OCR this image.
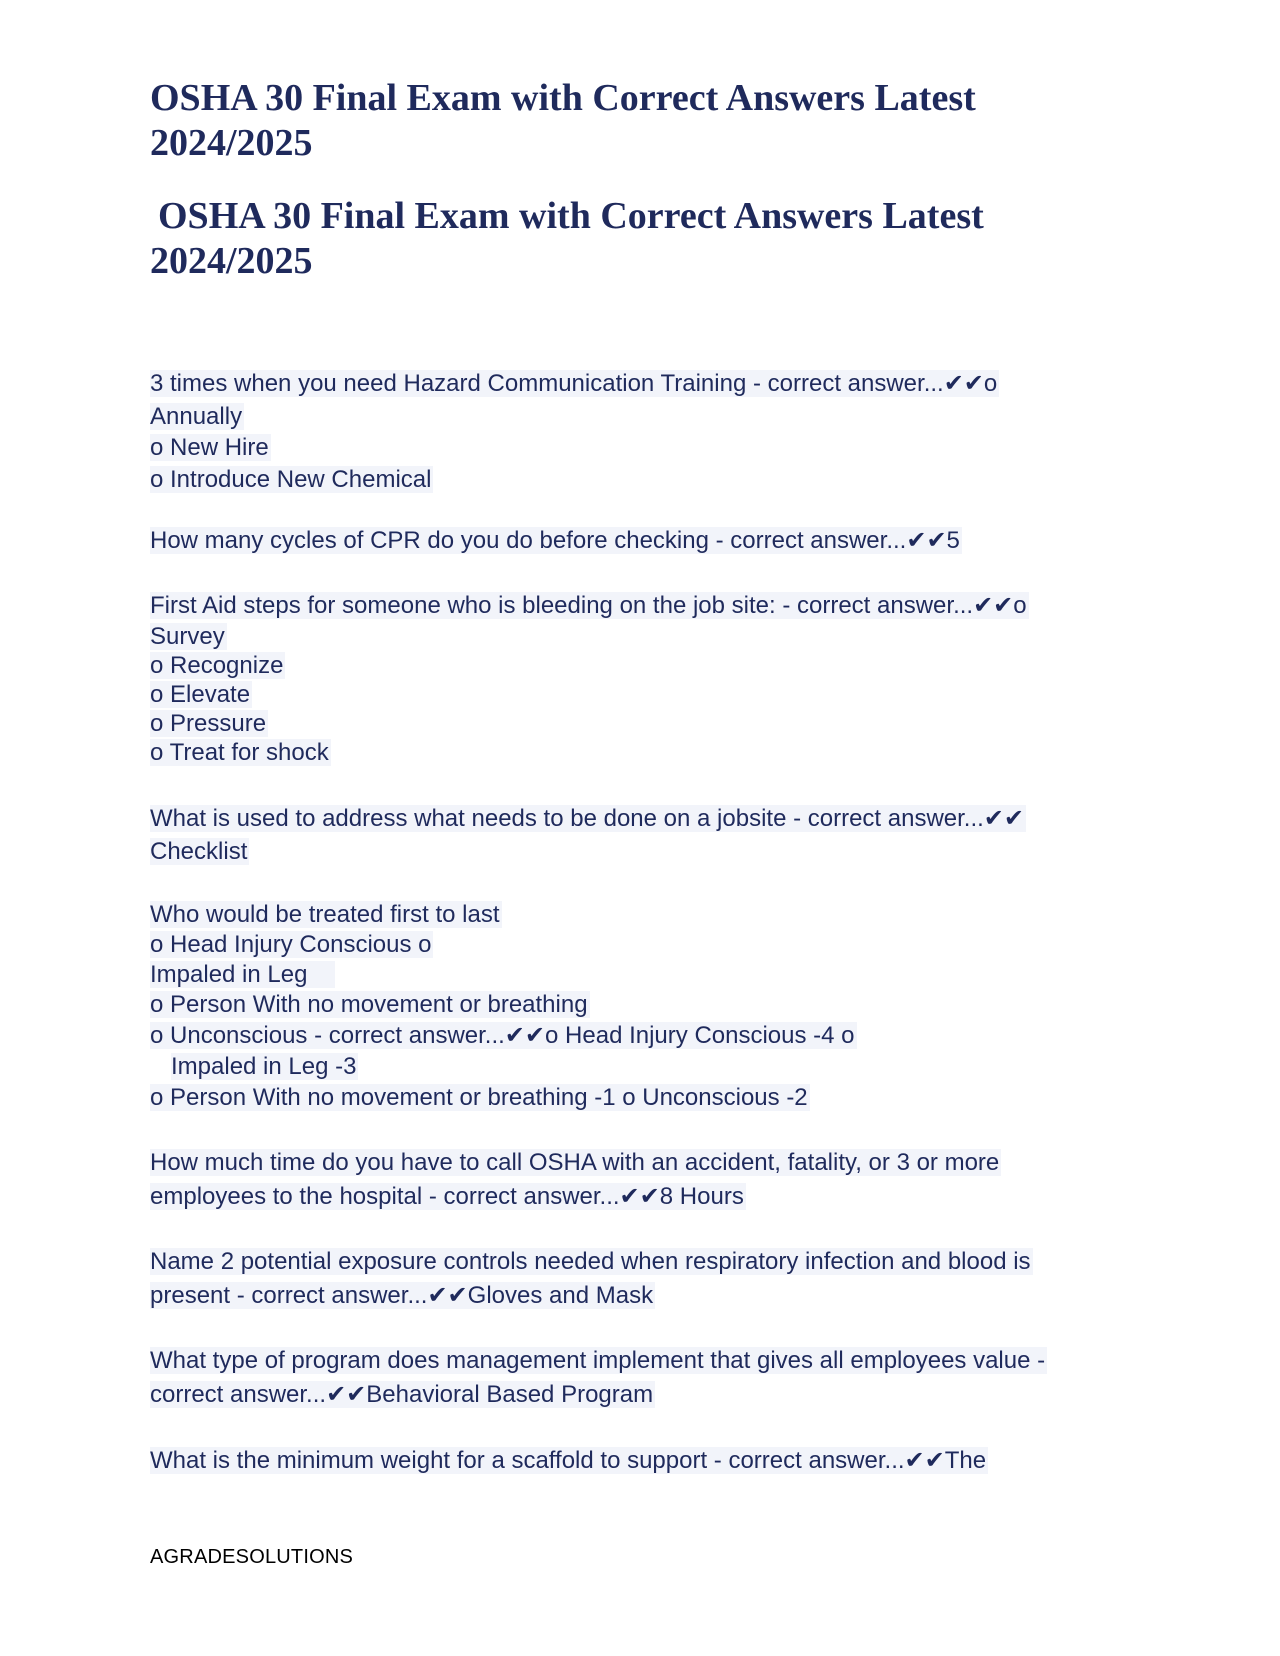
OSHA 30 Final Exam with Correct Answers Latest
2024/2025
OSHA 30 Final Exam with Correct Answers Latest
2024/2025
3 times when you need Hazard Communication Training - correct answer...✔✔o
Annually
o New Hire
o Introduce New Chemical
How many cycles of CPR do you do before checking - correct answer...✔✔5
First Aid steps for someone who is bleeding on the job site: - correct answer...✔✔o
Survey
o Recognize
o Elevate
o Pressure
o Treat for shock
What is used to address what needs to be done on a jobsite - correct answer...✔✔
Checklist
Who would be treated first to last
o Head Injury Conscious o
Impaled in Leg
o Person With no movement or breathing
o Unconscious - correct answer...✔✔o Head Injury Conscious -4 o
Impaled in Leg -3
o Person With no movement or breathing -1 o Unconscious -2
How much time do you have to call OSHA with an accident, fatality, or 3 or more
employees to the hospital - correct answer...✔✔8 Hours
Name 2 potential exposure controls needed when respiratory infection and blood is
present - correct answer...✔✔Gloves and Mask
What type of program does management implement that gives all employees value -
correct answer...✔✔Behavioral Based Program
What is the minimum weight for a scaffold to support - correct answer...✔✔The
AGRADESOLUTIONS
